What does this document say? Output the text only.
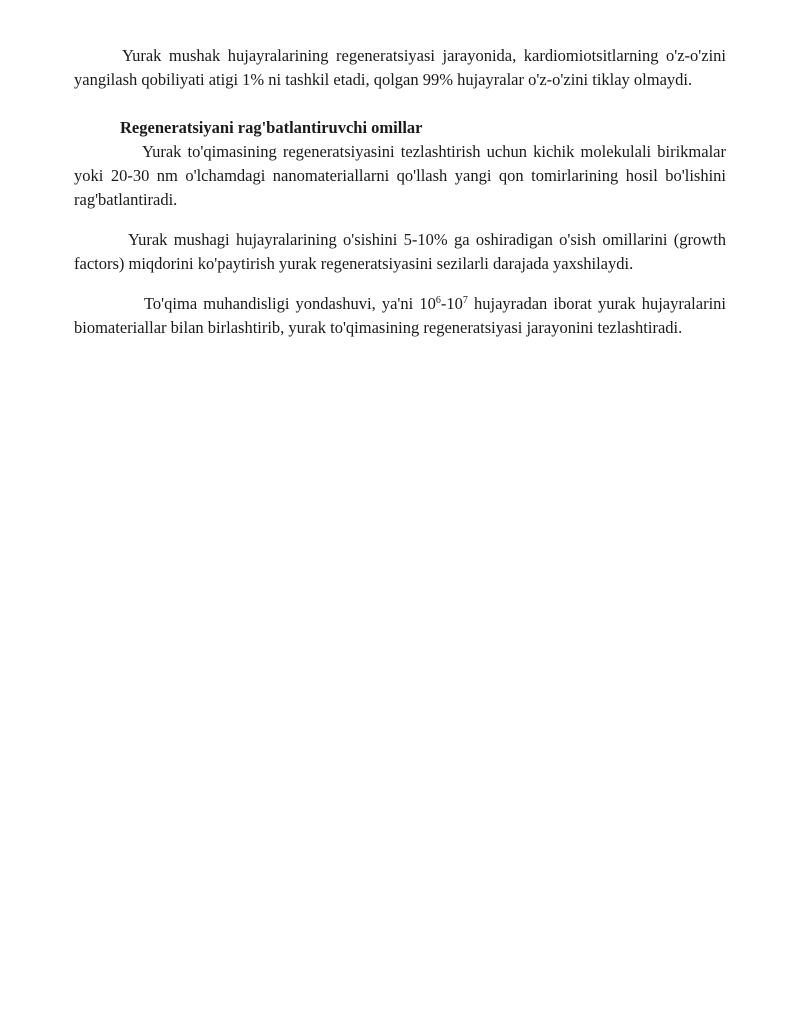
Yurak mushak hujayralarining regeneratsiyasi jarayonida, kardiomiotsitlarning o'z-o'zini yangilash qobiliyati atigi 1% ni tashkil etadi, qolgan 99% hujayralar o'z-o'zini tiklay olmaydi.

Regeneratsiyani rag'batlantiruvchi omillar

Yurak to'qimasining regeneratsiyasini tezlashtirish uchun kichik molekulali birikmalar yoki 20-30 nm o'lchamdagi nanomateriallarni qo'llash yangi qon tomirlarining hosil bo'lishini rag'batlantiradi.

Yurak mushagi hujayralarining o'sishini 5-10% ga oshiradigan o'sish omillarini (growth factors) miqdorini ko'paytirish yurak regeneratsiyasini sezilarli darajada yaxshilaydi.

To'qima muhandisligi yondashuvi, ya'ni $10^6-10^7$ hujayradan iborat yurak hujayralarini biomateriallar bilan birlashtirib, yurak to'qimasining regeneratsiyasi jarayonini tezlashtiradi.
